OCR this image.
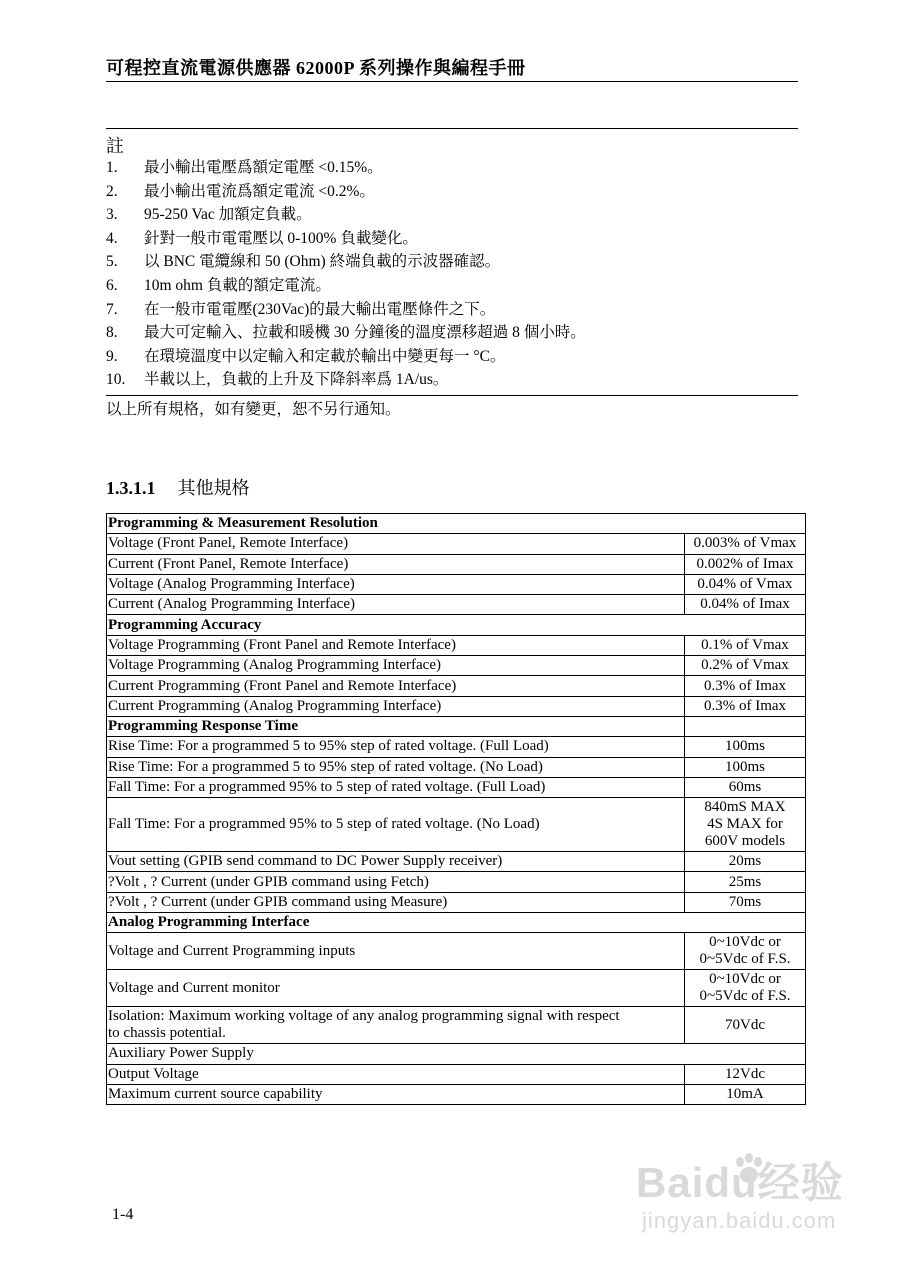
可程控直流電源供應器 62000P 系列操作與編程手冊
註
1.	最小輸出電壓爲額定電壓 <0.15%。
2.	最小輸出電流爲額定電流 <0.2%。
3.	95-250 Vac 加額定負載。
4.	針對一般市電電壓以 0-100% 負載變化。
5.	以 BNC 電纜線和 50 (Ohm) 終端負載的示波器確認。
6.	10m ohm 負載的額定電流。
7.	在一般市電電壓(230Vac)的最大輸出電壓條件之下。
8.	最大可定輸入、拉載和暖機 30 分鐘後的溫度漂移超過 8 個小時。
9.	在環境溫度中以定輸入和定載於輸出中變更每一 °C。
10.	半載以上，負載的上升及下降斜率爲 1A/us。
以上所有規格，如有變更，恕不另行通知。
1.3.1.1 其他規格
Programming & Measurement Resolution	
Voltage (Front Panel, Remote Interface)	0.003% of Vmax
Current (Front Panel, Remote Interface)	0.002% of Imax
Voltage (Analog Programming Interface)	0.04% of Vmax
Current (Analog Programming Interface)	0.04% of Imax
Programming Accuracy	
Voltage Programming (Front Panel and Remote Interface)	0.1% of Vmax
Voltage Programming (Analog Programming Interface)	0.2% of Vmax
Current Programming (Front Panel and Remote Interface)	0.3% of Imax
Current Programming (Analog Programming Interface)	0.3% of Imax
Programming Response Time	
Rise Time: For a programmed 5 to 95% step of rated voltage. (Full Load)	100ms
Rise Time: For a programmed 5 to 95% step of rated voltage. (No Load)	100ms
Fall Time: For a programmed 95% to 5 step of rated voltage. (Full Load)	60ms
Fall Time: For a programmed 95% to 5 step of rated voltage. (No Load)	840mS MAX
4S MAX for
600V models

Vout setting (GPIB send command to DC Power Supply receiver)	20ms
?Volt , ? Current (under GPIB command using Fetch)	25ms
?Volt , ? Current (under GPIB command using Measure)	70ms
Analog Programming Interface	
Voltage and Current Programming inputs	0~10Vdc or
0~5Vdc of F.S.

Voltage and Current monitor	0~10Vdc or
0~5Vdc of F.S.

Isolation: Maximum working voltage of any analog programming signal with respect
to chassis potential.	70Vdc
Auxiliary Power Supply	
Output Voltage	12Vdc
Maximum current source capability	10mA
1-4
Baidu经验
jingyan.baidu.com
